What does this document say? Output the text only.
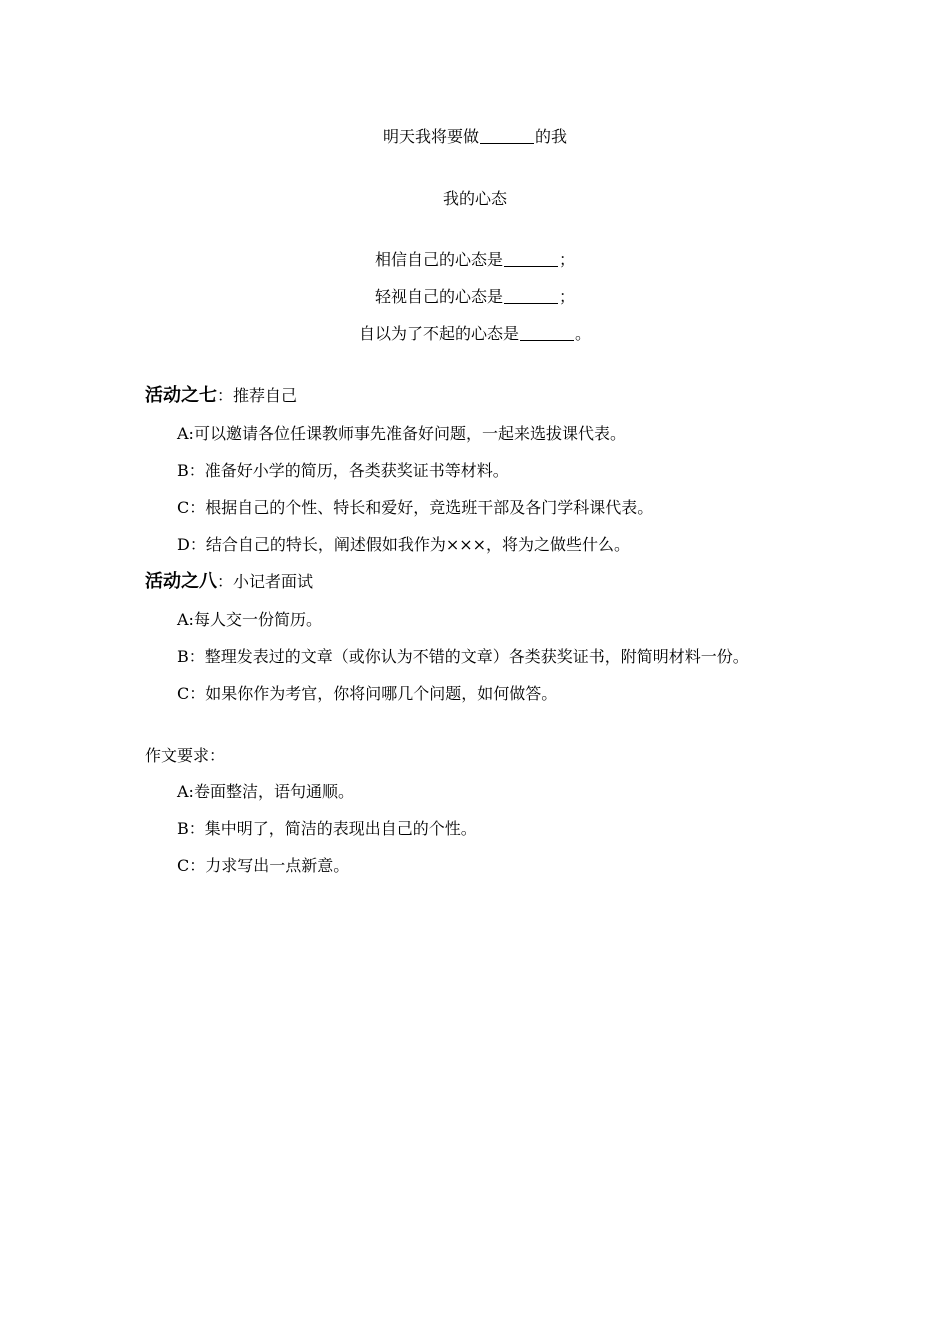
明天我将要做	的我
我的心态
相信自己的心态是	；
轻视自己的心态是	；
自以为了不起的心态是	。
活动之七：推荐自己
A:可以邀请各位任课教师事先准备好问题，一起来选拔课代表。
B：准备好小学的简历，各类获奖证书等材料。
C：根据自己的个性、特长和爱好，竞选班干部及各门学科课代表。
D：结合自己的特长，阐述假如我作为×××，将为之做些什么。
活动之八：小记者面试
A:每人交一份简历。
B：整理发表过的文章（或你认为不错的文章）各类获奖证书，附简明材料一份。
C：如果你作为考官，你将问哪几个问题，如何做答。
作文要求：
A:卷面整洁，语句通顺。
B：集中明了，简洁的表现出自己的个性。
C：力求写出一点新意。
